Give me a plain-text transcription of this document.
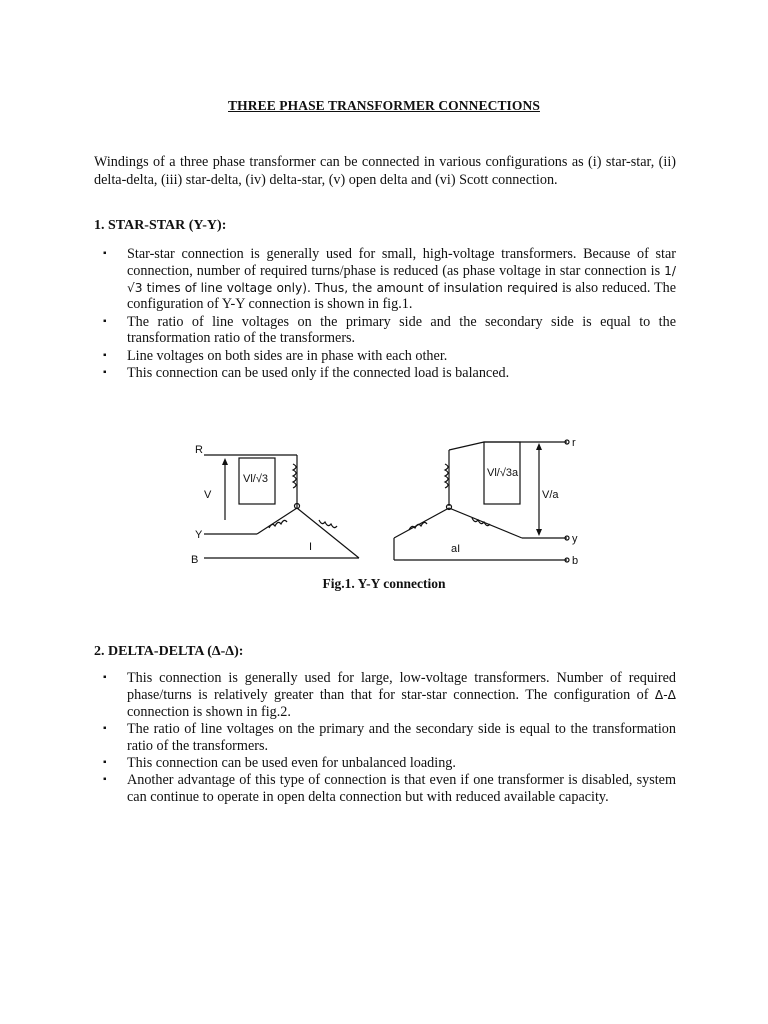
THREE PHASE TRANSFORMER CONNECTIONS
Windings of a three phase transformer can be connected in various configurations as (i) star-star, (ii) delta-delta, (iii) star-delta, (iv) delta-star, (v) open delta and (vi) Scott connection.
1. STAR-STAR (Y-Y):
▪ Star-star connection is generally used for small, high-voltage transformers. Because of star connection, number of required turns/phase is reduced (as phase voltage in star connection is 1/√3 times of line voltage only). Thus, the amount of insulation required is also reduced. The configuration of Y-Y connection is shown in fig.1.
▪ The ratio of line voltages on the primary side and the secondary side is equal to the transformation ratio of the transformers.
▪ Line voltages on both sides are in phase with each other.
▪ This connection can be used only if the connected load is balanced.
R
V
Y
B
Vl/√3
I
Vl/√3a
V/a
aI
r
y
b
Fig.1. Y-Y connection
2. DELTA-DELTA (Δ-Δ):
▪ This connection is generally used for large, low-voltage transformers. Number of required phase/turns is relatively greater than that for star-star connection. The configuration of Δ-Δ connection is shown in fig.2.
▪ The ratio of line voltages on the primary and the secondary side is equal to the transformation ratio of the transformers.
▪ This connection can be used even for unbalanced loading.
▪ Another advantage of this type of connection is that even if one transformer is disabled, system can continue to operate in open delta connection but with reduced available capacity.
